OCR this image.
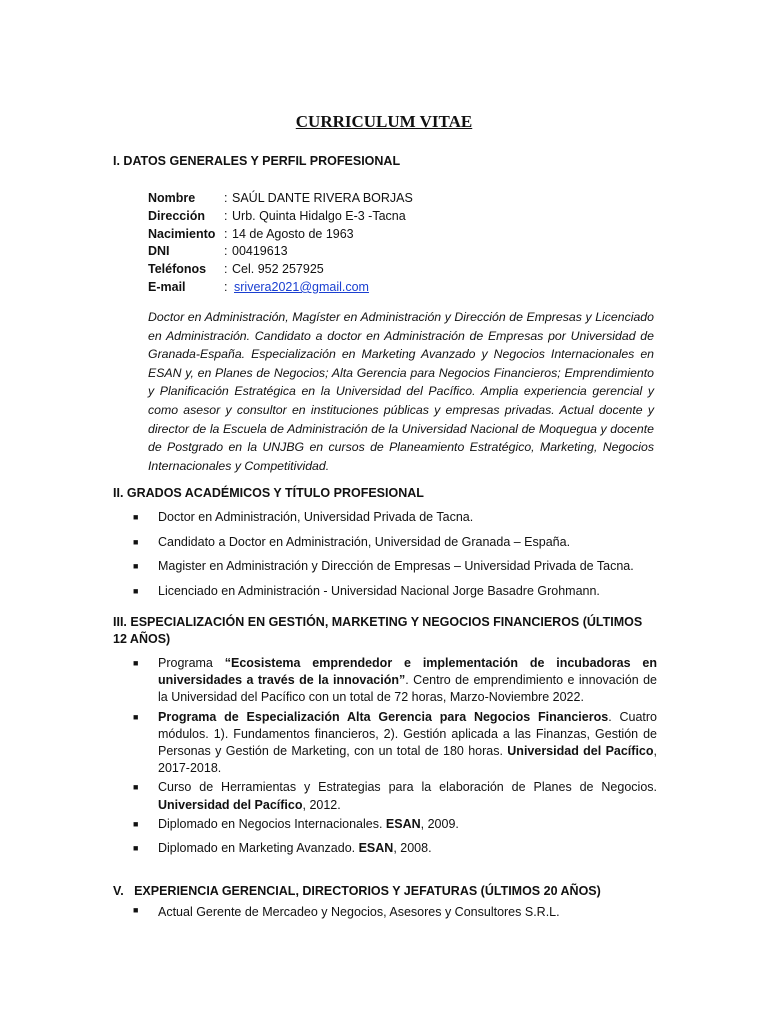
CURRICULUM VITAE
I. DATOS GENERALES Y PERFIL PROFESIONAL
Nombre	: SAÚL DANTE RIVERA BORJAS
Dirección	: Urb. Quinta Hidalgo E-3 -Tacna
Nacimiento : 14 de Agosto de 1963
DNI	: 00419613
Teléfonos	: Cel. 952 257925
E-mail	: srivera2021@gmail.com

Doctor en Administración, Magíster en Administración y Dirección de Empresas y Licenciado en Administración. Candidato a doctor en Administración de Empresas por Universidad de Granada-España. Especialización en Marketing Avanzado y Negocios Internacionales en ESAN y, en Planes de Negocios; Alta Gerencia para Negocios Financieros; Emprendimiento y Planificación Estratégica en la Universidad del Pacífico. Amplia experiencia gerencial y como asesor y consultor en instituciones públicas y empresas privadas. Actual docente y director de la Escuela de Administración de la Universidad Nacional de Moquegua y docente de Postgrado en la UNJBG en cursos de Planeamiento Estratégico, Marketing, Negocios Internacionales y Competitividad.

II. GRADOS ACADÉMICOS Y TÍTULO PROFESIONAL
■ Doctor en Administración, Universidad Privada de Tacna.
■ Candidato a Doctor en Administración, Universidad de Granada – España.
■ Magister en Administración y Dirección de Empresas – Universidad Privada de Tacna.
■ Licenciado en Administración - Universidad Nacional Jorge Basadre Grohmann.
III. ESPECIALIZACIÓN EN GESTIÓN, MARKETING Y NEGOCIOS FINANCIEROS (ÚLTIMOS 12 AÑOS)
■ Programa “Ecosistema emprendedor e implementación de incubadoras en universidades a través de la innovación”. Centro de emprendimiento e innovación de la Universidad del Pacífico con un total de 72 horas, Marzo-Noviembre 2022.
■ Programa de Especialización Alta Gerencia para Negocios Financieros. Cuatro módulos. 1). Fundamentos financieros, 2). Gestión aplicada a las Finanzas, Gestión de Personas y Gestión de Marketing, con un total de 180 horas. Universidad del Pacífico, 2017-2018.
■ Curso de Herramientas y Estrategias para la elaboración de Planes de Negocios. Universidad del Pacífico, 2012.
■ Diplomado en Negocios Internacionales. ESAN, 2009.
■ Diplomado en Marketing Avanzado. ESAN, 2008.
V.   EXPERIENCIA GERENCIAL, DIRECTORIOS Y JEFATURAS (ÚLTIMOS 20 AÑOS)
■ Actual Gerente de Mercadeo y Negocios, Asesores y Consultores S.R.L.
